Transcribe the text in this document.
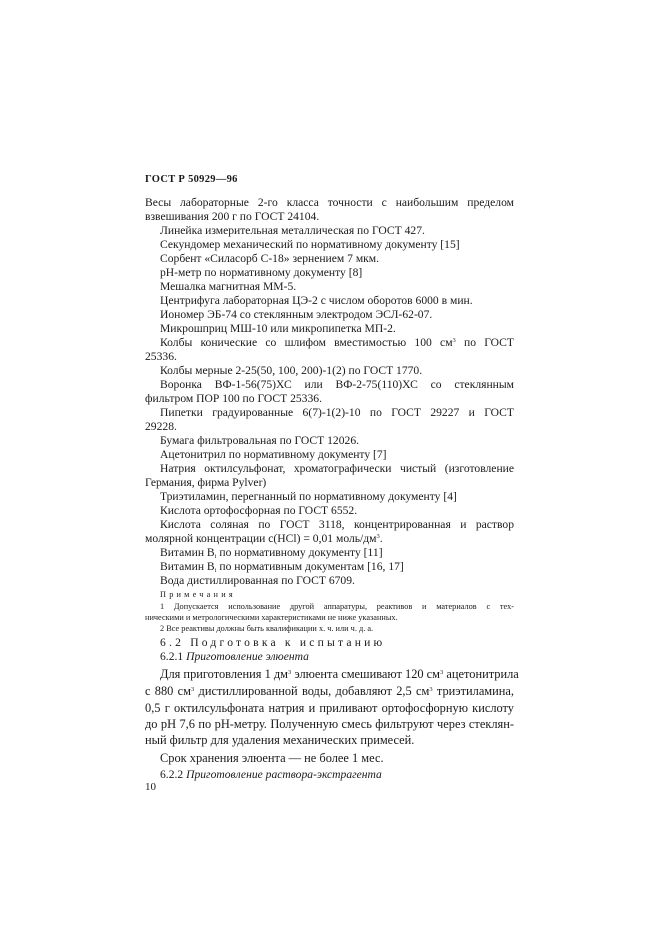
ГОСТ Р 50929—96
Весы лабораторные 2-го класса точности с наибольшим пределом
взвешивания 200 г по ГОСТ 24104.
Линейка измерительная металлическая по ГОСТ 427.
Секундомер механический по нормативному документу [15]
Сорбент «Силасорб С-18» зернением 7 мкм.
рН-метр по нормативному документу [8]
Мешалка магнитная ММ-5.
Центрифуга лабораторная ЦЭ-2 с числом оборотов 6000 в мин.
Иономер ЭБ-74 со стеклянным электродом ЭСЛ-62-07.
Микрошприц МШ-10 или микропипетка МП-2.
Колбы конические со шлифом вместимостью 100 $см^3$ по ГОСТ
25336.
Колбы мерные 2-25(50, 100, 200)-1(2) по ГОСТ 1770.
Воронка ВФ-1-56(75)ХС или ВФ-2-75(110)ХС со стеклянным
фильтром ПОР 100 по ГОСТ 25336.
Пипетки градуированные 6(7)-1(2)-10 по ГОСТ 29227 и ГОСТ
29228.
Бумага фильтровальная по ГОСТ 12026.
Ацетонитрил по нормативному документу [7]
Натрия октилсульфонат, хроматографически чистый (изготовление
Германия, фирма Pylver)
Триэтиламин, перегнанный по нормативному документу [4]
Кислота ортофосфорная по ГОСТ 6552.
Кислота соляная по ГОСТ 3118, концентрированная и раствор
молярной концентрации с(HCl) = 0,01 моль/$дм^3$.
Витамин $В_i$ по нормативному документу [11]
Витамин $В_i$ по нормативным документам [16, 17]
Вода дистиллированная по ГОСТ 6709.
Примечания
1 Допускается использование другой аппаратуры, реактивов и материалов с тех-
ническими и метрологическими характеристиками не ниже указанных.
2 Все реактивы должны быть квалификации х. ч. или ч. д. а.
6.2 Подготовка к испытанию
6.2.1 Приготовление элюента
Для приготовления 1 $дм^3$ элюента смешивают 120 $см^3$ ацетонитрила
с 880 $см^3$ дистиллированной воды, добавляют 2,5 $см^3$ триэтиламина,
0,5 г октилсульфоната натрия и приливают ортофосфорную кислоту
до рН 7,6 по рН-метру. Полученную смесь фильтруют через стеклян-
ный фильтр для удаления механических примесей.
Срок хранения элюента — не более 1 мес.
6.2.2 Приготовление раствора-экстрагента
10
